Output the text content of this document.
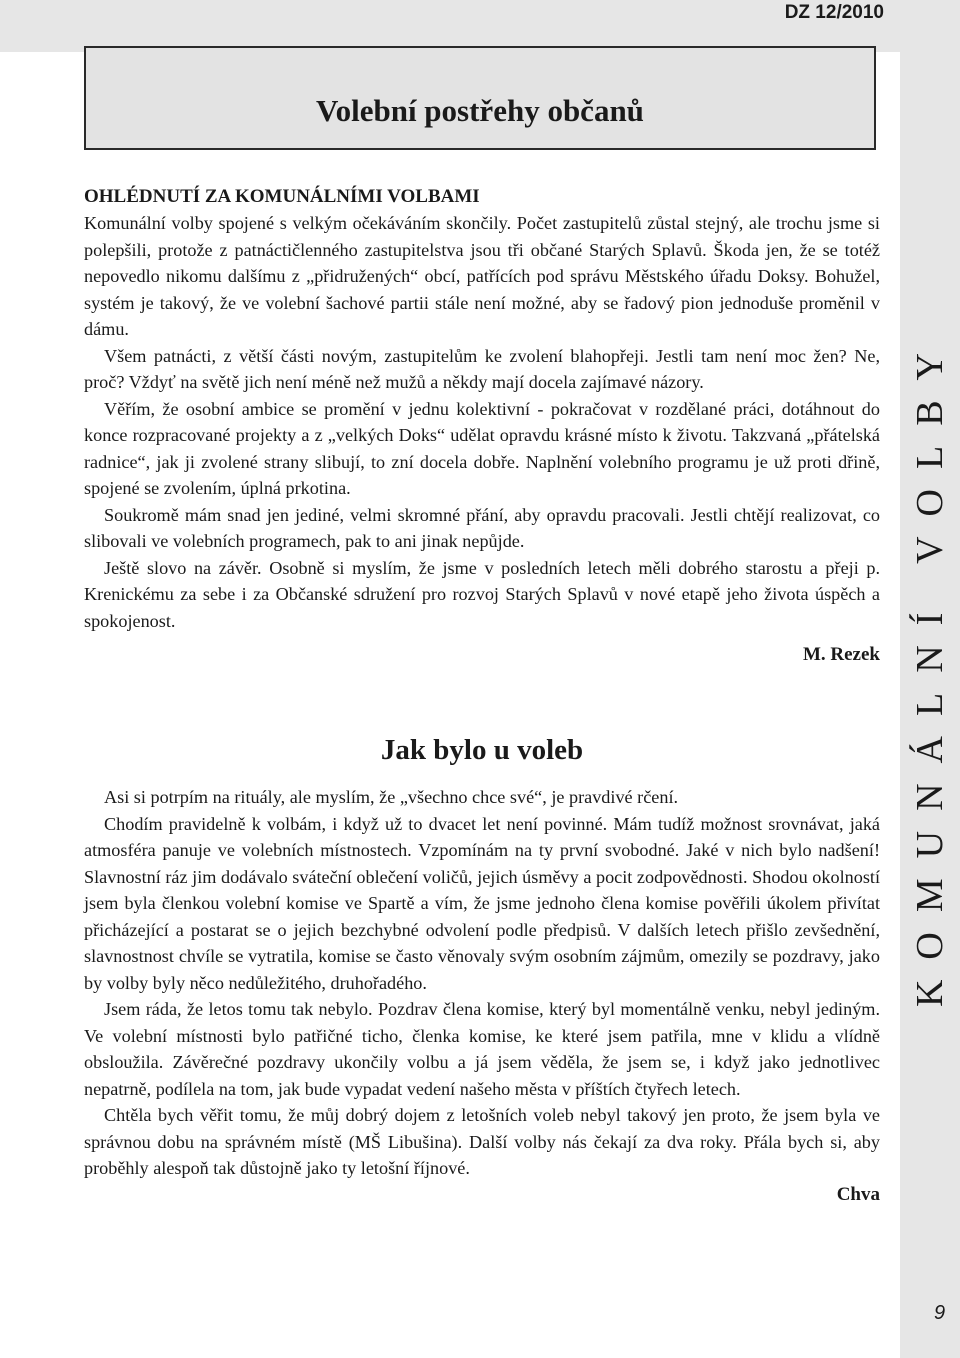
DZ 12/2010
KOMUNÁLNÍ VOLBY
9
Volební postřehy občanů
OHLÉDNUTÍ ZA KOMUNÁLNÍMI VOLBAMI

Komunální volby spojené s velkým očekáváním skončily. Počet zastupitelů zůstal stejný, ale trochu jsme si polepšili, protože z patnáctičlenného zastupitelstva jsou tři občané Starých Splavů. Škoda jen, že se totéž nepovedlo nikomu dalšímu z „přidružených“ obcí, patřících pod správu Městského úřadu Doksy. Bohužel, systém je takový, že ve volební šachové partii stále není možné, aby se řadový pion jednoduše proměnil v dámu.

Všem patnácti, z větší části novým, zastupitelům ke zvolení blahopřeji. Jestli tam není moc žen? Ne, proč? Vždyť na světě jich není méně než mužů a někdy mají docela zajímavé názory.

Věřím, že osobní ambice se promění v jednu kolektivní - pokračovat v rozdělané práci, dotáhnout do konce rozpracované projekty a z „velkých Doks“ udělat opravdu krásné místo k životu. Takzvaná „přátelská radnice“, jak ji zvolené strany slibují, to zní docela dobře. Naplnění volebního programu je už proti dřině, spojené se zvolením, úplná prkotina.

Soukromě mám snad jen jediné, velmi skromné přání, aby opravdu pracovali. Jestli chtějí realizovat, co slibovali ve volebních programech, pak to ani jinak nepůjde.

Ještě slovo na závěr. Osobně si myslím, že jsme v posledních letech měli dobrého starostu a přeji p. Krenickému za sebe i za Občanské sdružení pro rozvoj Starých Splavů v nové etapě jeho života úspěch a spokojenost.

M. Rezek
Jak bylo u voleb

Asi si potrpím na rituály, ale myslím, že „všechno chce své“, je pravdivé rčení.

Chodím pravidelně k volbám, i když už to dvacet let není povinné. Mám tudíž možnost srovnávat, jaká atmosféra panuje ve volebních místnostech. Vzpomínám na ty první svobodné. Jaké v nich bylo nadšení! Slavnostní ráz jim dodávalo sváteční oblečení voličů, jejich úsměvy a pocit zodpovědnosti. Shodou okolností jsem byla členkou volební komise ve Spartě a vím, že jsme jednoho člena komise pověřili úkolem přivítat přicházející a postarat se o jejich bezchybné odvolení podle předpisů. V dalších letech přišlo zevšednění, slavnostnost chvíle se vytratila, komise se často věnovaly svým osobním zájmům, omezily se pozdravy, jako by volby byly něco nedůležitého, druhořadého.

Jsem ráda, že letos tomu tak nebylo. Pozdrav člena komise, který byl momentálně venku, nebyl jediným. Ve volební místnosti bylo patřičné ticho, členka komise, ke které jsem patřila, mne v klidu a vlídně obsloužila. Závěrečné pozdravy ukončily volbu a já jsem věděla, že jsem se, i když jako jednotlivec nepatrně, podílela na tom, jak bude vypadat vedení našeho města v příštích čtyřech letech.

Chtěla bych věřit tomu, že můj dobrý dojem z letošních voleb nebyl takový jen proto, že jsem byla ve správnou dobu na správném místě (MŠ Libušina). Další volby nás čekají za dva roky. Přála bych si, aby proběhly alespoň tak důstojně jako ty letošní říjnové.

Chva
